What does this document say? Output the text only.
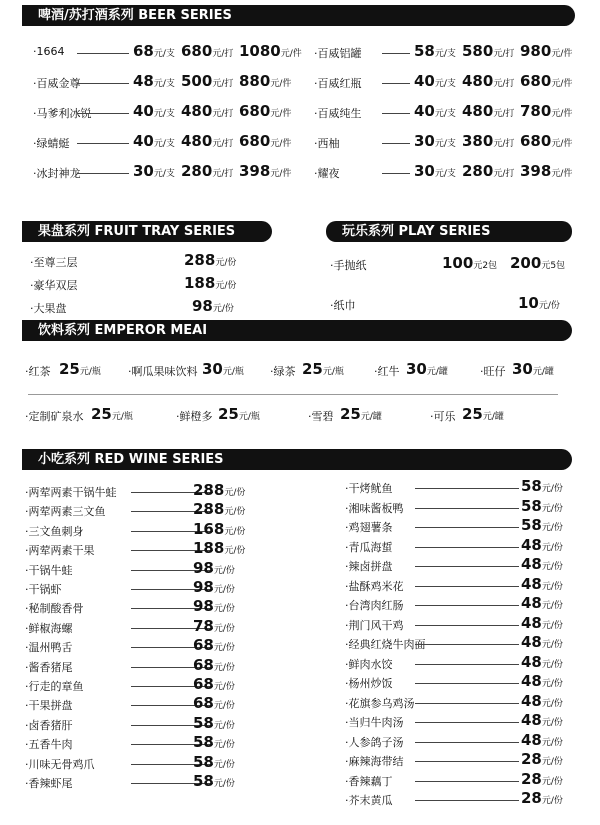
啤酒/苏打酒系列 BEER SERIES
果盘系列 FRUIT TRAY SERIES	玩乐系列 PLAY SERIES
饮料系列 EMPEROR MEAI
小吃系列 RED WINE SERIES
·1664	68元/支 680元/打 1080元/件
·百威金尊	48元/支 500元/打 880元/件
·马爹利冰锐	40元/支 480元/打 680元/件
·绿蜻蜓	40元/支 480元/打 680元/件
·冰封神龙	30元/支 280元/打 398元/件
·百威铝罐	58元/支 580元/打 980元/件
·百威红瓶	40元/支 480元/打 680元/件
·百威纯生	40元/支 480元/打 780元/件
·西柚	30元/支 380元/打 680元/件
·耀夜	30元/支 280元/打 398元/件
·至尊三层	288元/份
·豪华双层	188元/份
·大果盘	98元/份
·手抛纸	100元2包 200元5包
·纸巾	10元/份
·红茶 25元/瓶 ·啊瓜果味饮料 30元/瓶 ·绿茶 25元/瓶	·红牛 30元/罐	·旺仔 30元/罐
·定制矿泉水 25元/瓶	·鲜橙多 25元/瓶	·雪碧 25元/罐	·可乐 25元/罐
·两荤两素干锅牛蛙	288元/份
·两荤两素三文鱼	288元/份
·三文鱼刺身	168元/份
·两荤两素干果	188元/份
·干锅牛蛙	98元/份
·干锅虾	98元/份
·秘制酸香骨	98元/份
·鲜椒海螺	78元/份
·温州鸭舌	68元/份
·酱香猪尾	68元/份
·行走的章鱼	68元/份
·干果拼盘	68元/份
·卤香猪肝	58元/份
·五香牛肉	58元/份
·川味无骨鸡爪	58元/份
·香辣虾尾	58元/份
·干烤鱿鱼	58元/份
·湘味酱板鸭	58元/份
·鸡翅薯条	58元/份
·青瓜海蜇	48元/份
·辣卤拼盘	48元/份
·盐酥鸡米花	48元/份
·台湾肉红肠	48元/份
·荆门风干鸡	48元/份
·经典红烧牛肉面	48元/份
·鲜肉水饺	48元/份
·杨州炒饭	48元/份
·花旗参乌鸡汤	48元/份
·当归牛肉汤	48元/份
·人参鸽子汤	48元/份
·麻辣海带结	28元/份
·香辣藕丁	28元/份
·芥末黄瓜	28元/份
